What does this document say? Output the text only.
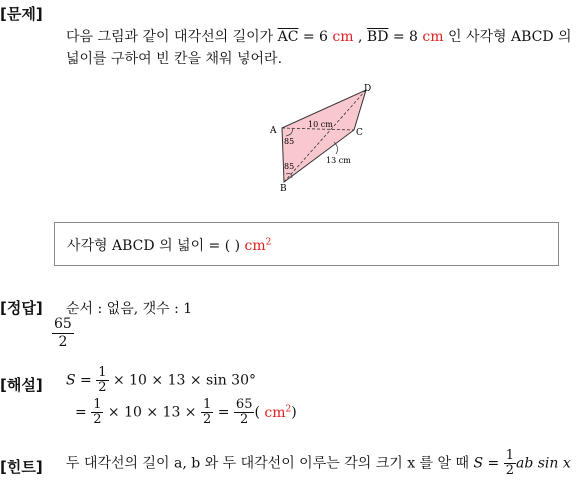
[문제]
다음 그림과 같이 대각선의 길이가 $\overline{AC} = 6$ cm , $\overline{BD} = 8$ cm 인 사각형 ABCD 의
넓이를 구하여 빈 칸을 채워 넣어라.
A
B
C
D
10 cm
13 cm
85
85
사각형 ABCD 의 넓이 = ( ) $cm^2$
[정답] 순서 : 없음, 갯수 : 1
$\frac{65}{2}$
[해설] $S = \frac{1}{2} \times 10 \times 13 \times \sin 30^\circ$
= $\frac{1}{2} \times 10 \times 13 \times \frac{1}{2} = \frac{65}{2}$ ( $cm^2$)
[힌트] 두 대각선의 길이 a, b 와 두 대각선이 이루는 각의 크기 x 를 알 때 $S = \frac{1}{2}$ ab sin x
